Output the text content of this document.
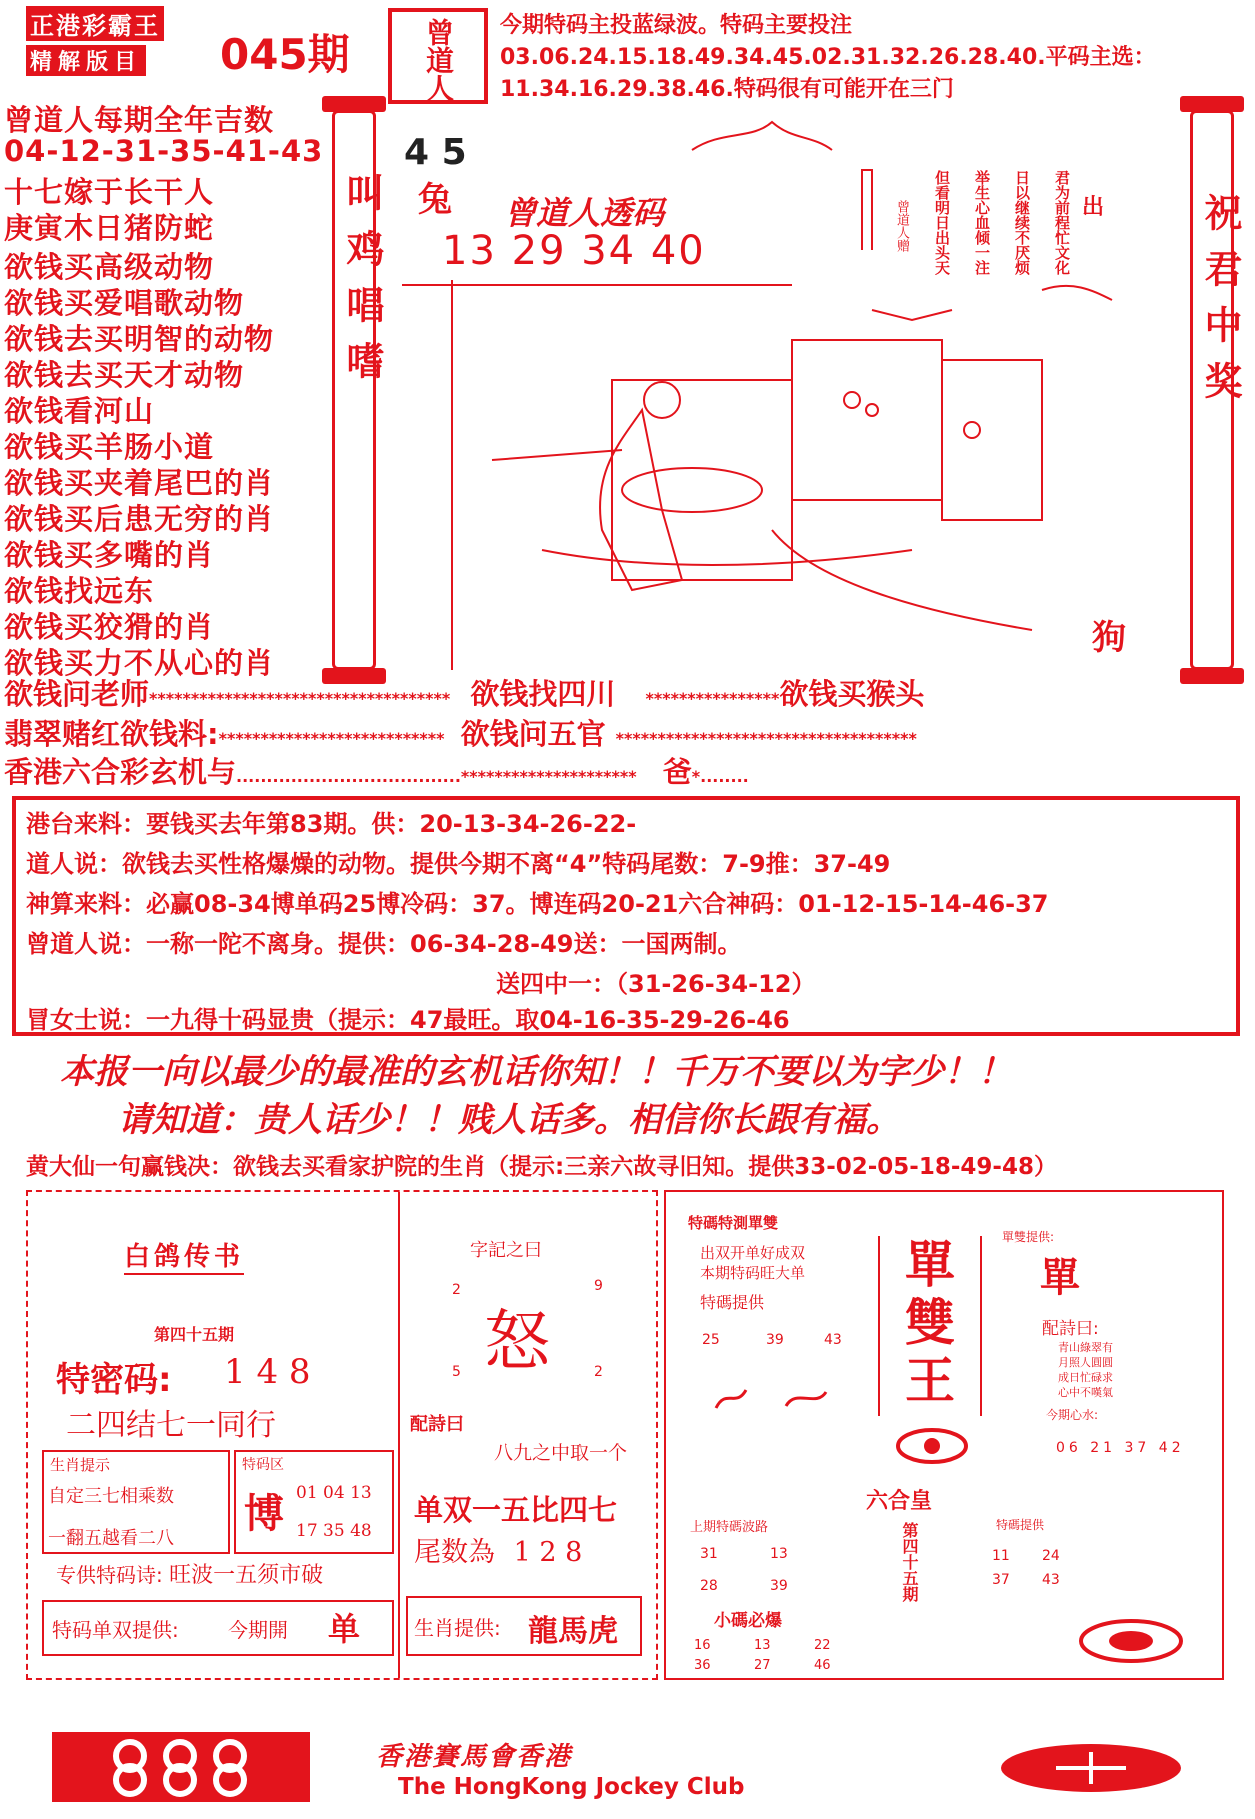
正港彩霸王 精解版目	045期	曾道人 今期特码主投蓝绿波。特码主要投注03.06.24.15.18.49.34.45.02.31.32.26.28.40.平码主选：11.34.16.29.38.46.特码很有可能开在三门
曾道人每期全年吉数
04-12-31-35-41-43
十七嫁于长干人
庚寅木日猪防蛇
欲钱买高级动物
欲钱买爱唱歌动物
欲钱去买明智的动物
欲钱去买天才动物
欲钱看河山
欲钱买羊肠小道
欲钱买夹着尾巴的肖
欲钱买后患无穷的肖
欲钱买多嘴的肖
欲钱找远东
欲钱买狡猾的肖
欲钱买力不从心的肖
叫鸡唱嗜	祝君中奖
4 5
兔 曾道人透码
13 29 34 40	君为前程忙文化
日以继续不厌烦
举生心血倾一注
但看明日出头天
曾道人赠	出
狗
欲钱问老师************************************ 欲钱找四川 ****************欲钱买猴头
翡翠赌红欲钱料:*************************** 欲钱问五官 ************************************
香港六合彩玄机与.....................................********************* 爸*........
港台来料：要钱买去年第83期。供：20-13-34-26-22-
道人说：欲钱去买性格爆燥的动物。提供今期不离“4”特码尾数：7-9推：37-49
神算来料：必赢08-34博单码25博冷码：37。博连码20-21六合神码：01-12-15-14-46-37
曾道人说：一称一陀不离身。提供：06-34-28-49送：一国两制。
送四中一：（31-26-34-12）
冒女士说：一九得十码显贵（提示：47最旺。取04-16-35-29-26-46
本报一向以最少的最准的玄机话你知！！千万不要以为字少！！
请知道：贵人话少！！贱人话多。相信你长跟有福。
黄大仙一句赢钱决：欲钱去买看家护院的生肖（提示:三亲六故寻旧知。提供33-02-05-18-49-48）
白鸽传书
第四十五期
特密码: 1 4 8
二四结七一同行
生肖提示
自定三七相乘数
一翻五越看二八
特码区
博 01 04 13 17 35 48
专供特码诗: 旺波一五须市破
特码单双提供: 今期開 单
字記之曰
2	9
怒
5	2
配詩曰
八九之中取一个
单双一五比四七
尾数為 1 2 8
生肖提供: 龍馬虎
特碼特測單雙
出双开单好成双
本期特码旺大单
特碼提供
25	39	43
單
雙
王
單雙提供:
單
配詩曰:
青山綠翠有
月照人圓圓
成日忙碌求
心中不嘆氣
今期心水:
06 21 37 42
六合皇
上期特碼波路
31	13
28	39	第四十五期	特碼提供
11 24
37 43
小碼必爆
16	13	22
36	27	46
香港賽馬會香港
The HongKong Jockey Club
